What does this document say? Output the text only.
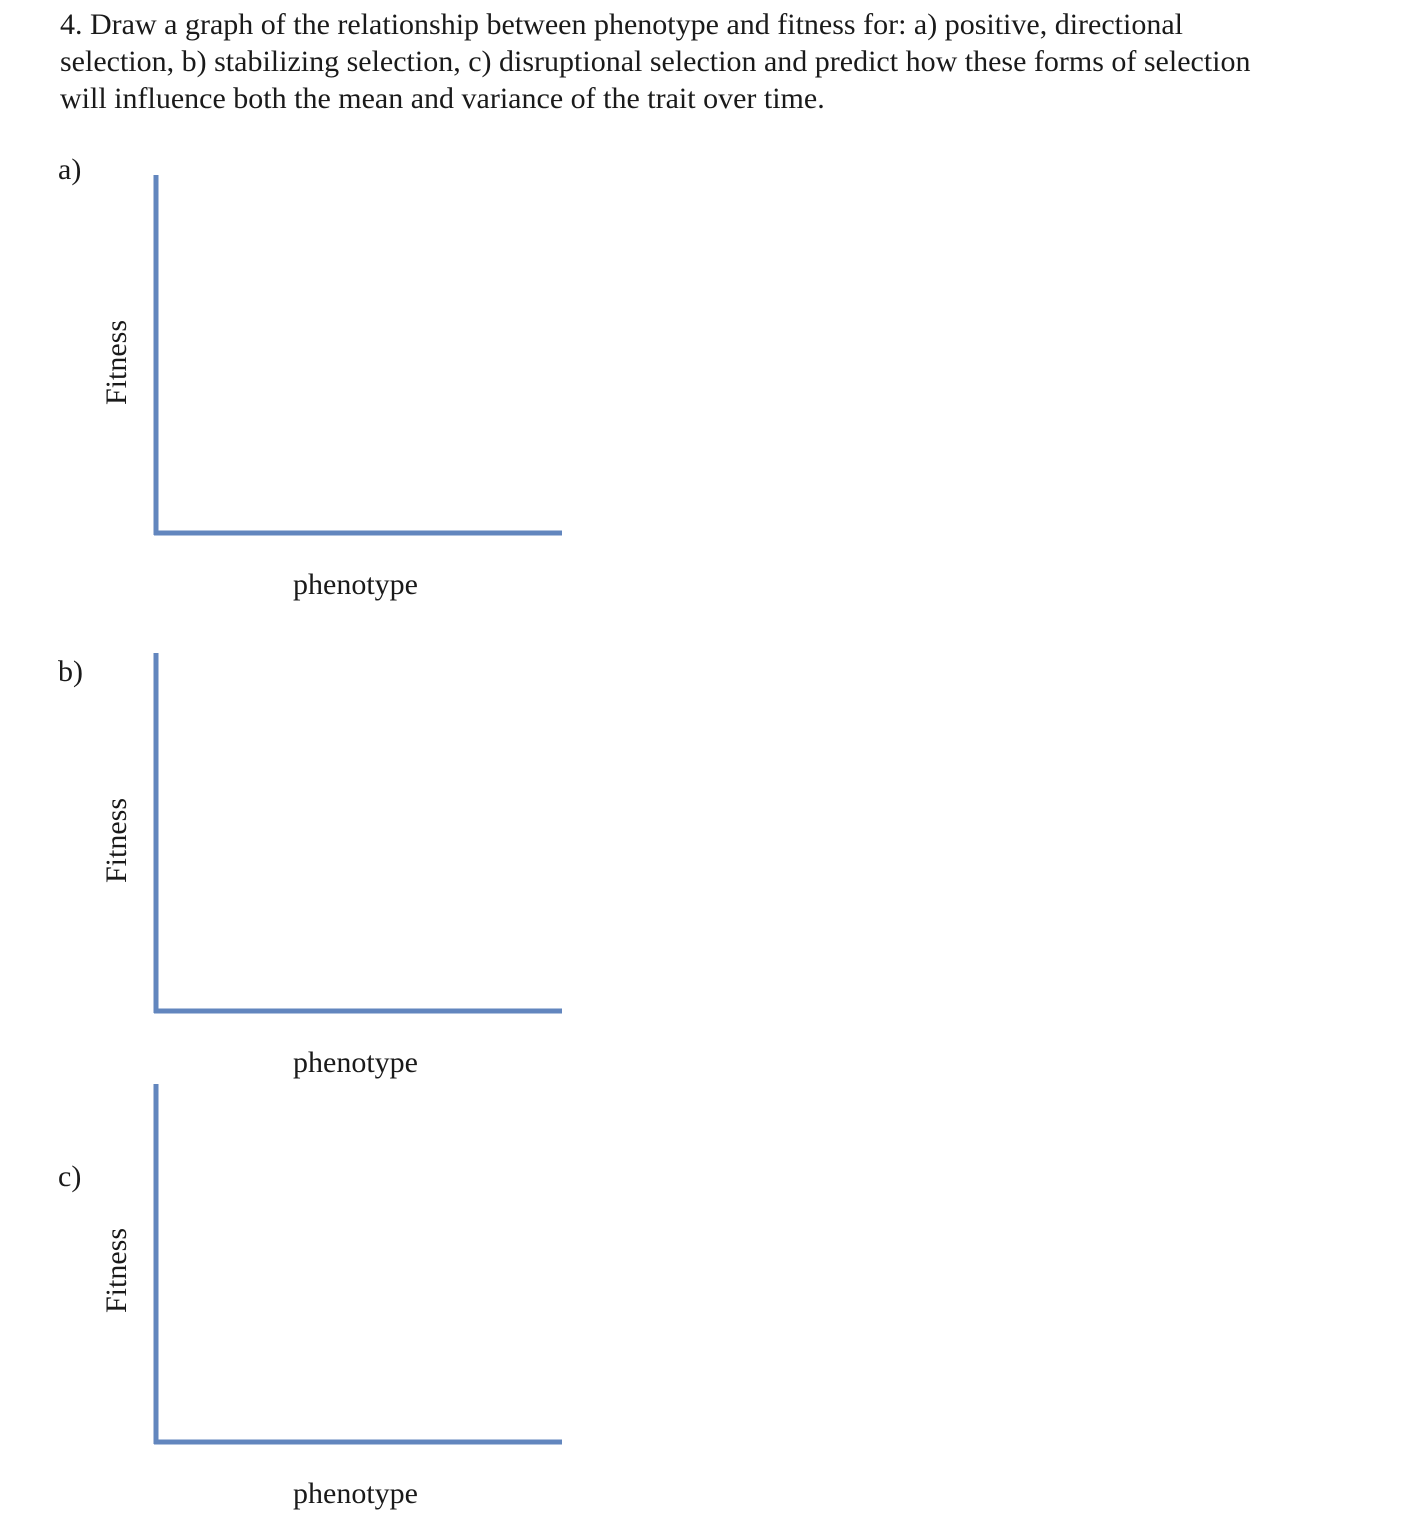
4. Draw a graph of the relationship between phenotype and fitness for: a) positive, directional selection, b) stabilizing selection, c) disruptional selection and predict how these forms of selection will influence both the mean and variance of the trait over time.

a)
Fitness
phenotype
b)
Fitness
phenotype
c)
Fitness
phenotype
